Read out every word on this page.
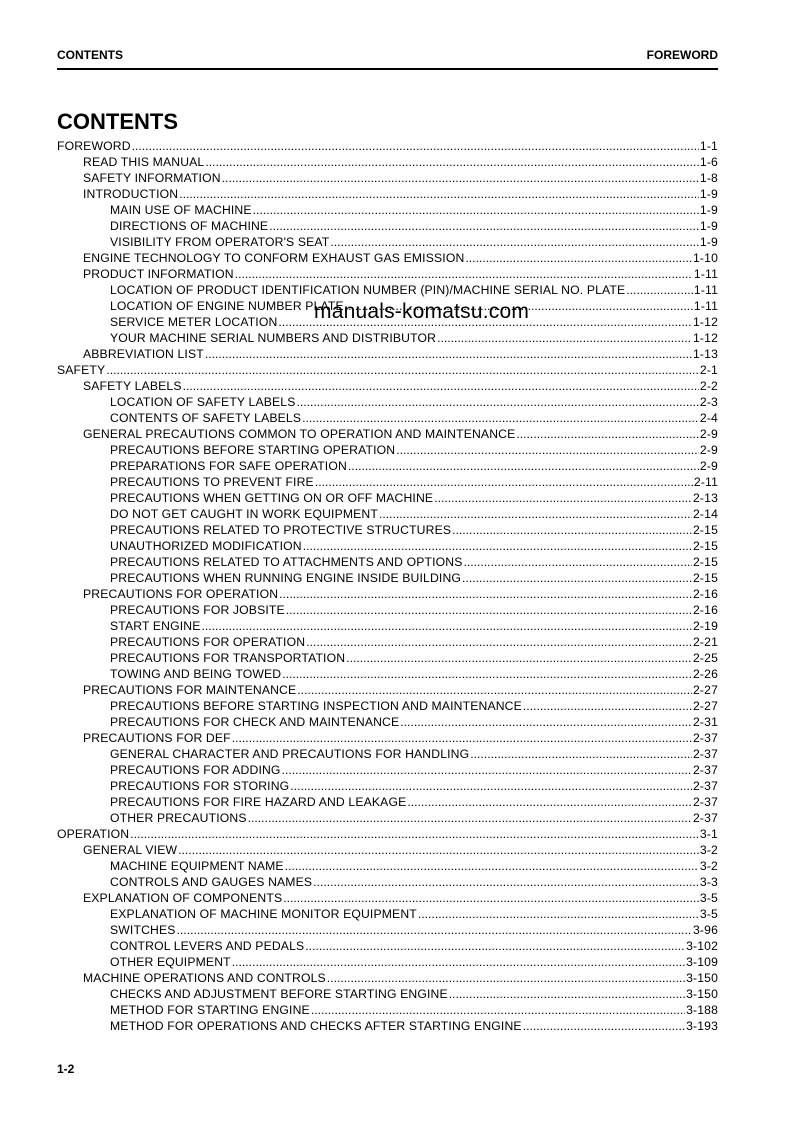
CONTENTS	FOREWORD
CONTENTS
FOREWORD .....	1-1
READ THIS MANUAL .....	1-6
SAFETY INFORMATION .....	1-8
INTRODUCTION .....	1-9
MAIN USE OF MACHINE .....	1-9
DIRECTIONS OF MACHINE .....	1-9
VISIBILITY FROM OPERATOR'S SEAT .....	1-9
ENGINE TECHNOLOGY TO CONFORM EXHAUST GAS EMISSION .....	1-10
PRODUCT INFORMATION .....	1-11
LOCATION OF PRODUCT IDENTIFICATION NUMBER (PIN)/MACHINE SERIAL NO. PLATE .....	1-11
LOCATION OF ENGINE NUMBER PLATE .....	1-11
SERVICE METER LOCATION .....	1-12
YOUR MACHINE SERIAL NUMBERS AND DISTRIBUTOR .....	1-12
ABBREVIATION LIST .....	1-13
SAFETY .....	2-1
SAFETY LABELS .....	2-2
LOCATION OF SAFETY LABELS .....	2-3
CONTENTS OF SAFETY LABELS .....	2-4
GENERAL PRECAUTIONS COMMON TO OPERATION AND MAINTENANCE .....	2-9
PRECAUTIONS BEFORE STARTING OPERATION .....	2-9
PREPARATIONS FOR SAFE OPERATION .....	2-9
PRECAUTIONS TO PREVENT FIRE .....	2-11
PRECAUTIONS WHEN GETTING ON OR OFF MACHINE .....	2-13
DO NOT GET CAUGHT IN WORK EQUIPMENT .....	2-14
PRECAUTIONS RELATED TO PROTECTIVE STRUCTURES .....	2-15
UNAUTHORIZED MODIFICATION .....	2-15
PRECAUTIONS RELATED TO ATTACHMENTS AND OPTIONS .....	2-15
PRECAUTIONS WHEN RUNNING ENGINE INSIDE BUILDING .....	2-15
PRECAUTIONS FOR OPERATION .....	2-16
PRECAUTIONS FOR JOBSITE .....	2-16
START ENGINE .....	2-19
PRECAUTIONS FOR OPERATION .....	2-21
PRECAUTIONS FOR TRANSPORTATION .....	2-25
TOWING AND BEING TOWED .....	2-26
PRECAUTIONS FOR MAINTENANCE .....	2-27
PRECAUTIONS BEFORE STARTING INSPECTION AND MAINTENANCE .....	2-27
PRECAUTIONS FOR CHECK AND MAINTENANCE .....	2-31
PRECAUTIONS FOR DEF .....	2-37
GENERAL CHARACTER AND PRECAUTIONS FOR HANDLING .....	2-37
PRECAUTIONS FOR ADDING .....	2-37
PRECAUTIONS FOR STORING .....	2-37
PRECAUTIONS FOR FIRE HAZARD AND LEAKAGE .....	2-37
OTHER PRECAUTIONS .....	2-37
OPERATION .....	3-1
GENERAL VIEW .....	3-2
MACHINE EQUIPMENT NAME .....	3-2
CONTROLS AND GAUGES NAMES .....	3-3
EXPLANATION OF COMPONENTS .....	3-5
EXPLANATION OF MACHINE MONITOR EQUIPMENT .....	3-5
SWITCHES .....	3-96
CONTROL LEVERS AND PEDALS .....	3-102
OTHER EQUIPMENT .....	3-109
MACHINE OPERATIONS AND CONTROLS .....	3-150
CHECKS AND ADJUSTMENT BEFORE STARTING ENGINE .....	3-150
METHOD FOR STARTING ENGINE .....	3-188
METHOD FOR OPERATIONS AND CHECKS AFTER STARTING ENGINE .....	3-193
manuals-komatsu.com
1-2
